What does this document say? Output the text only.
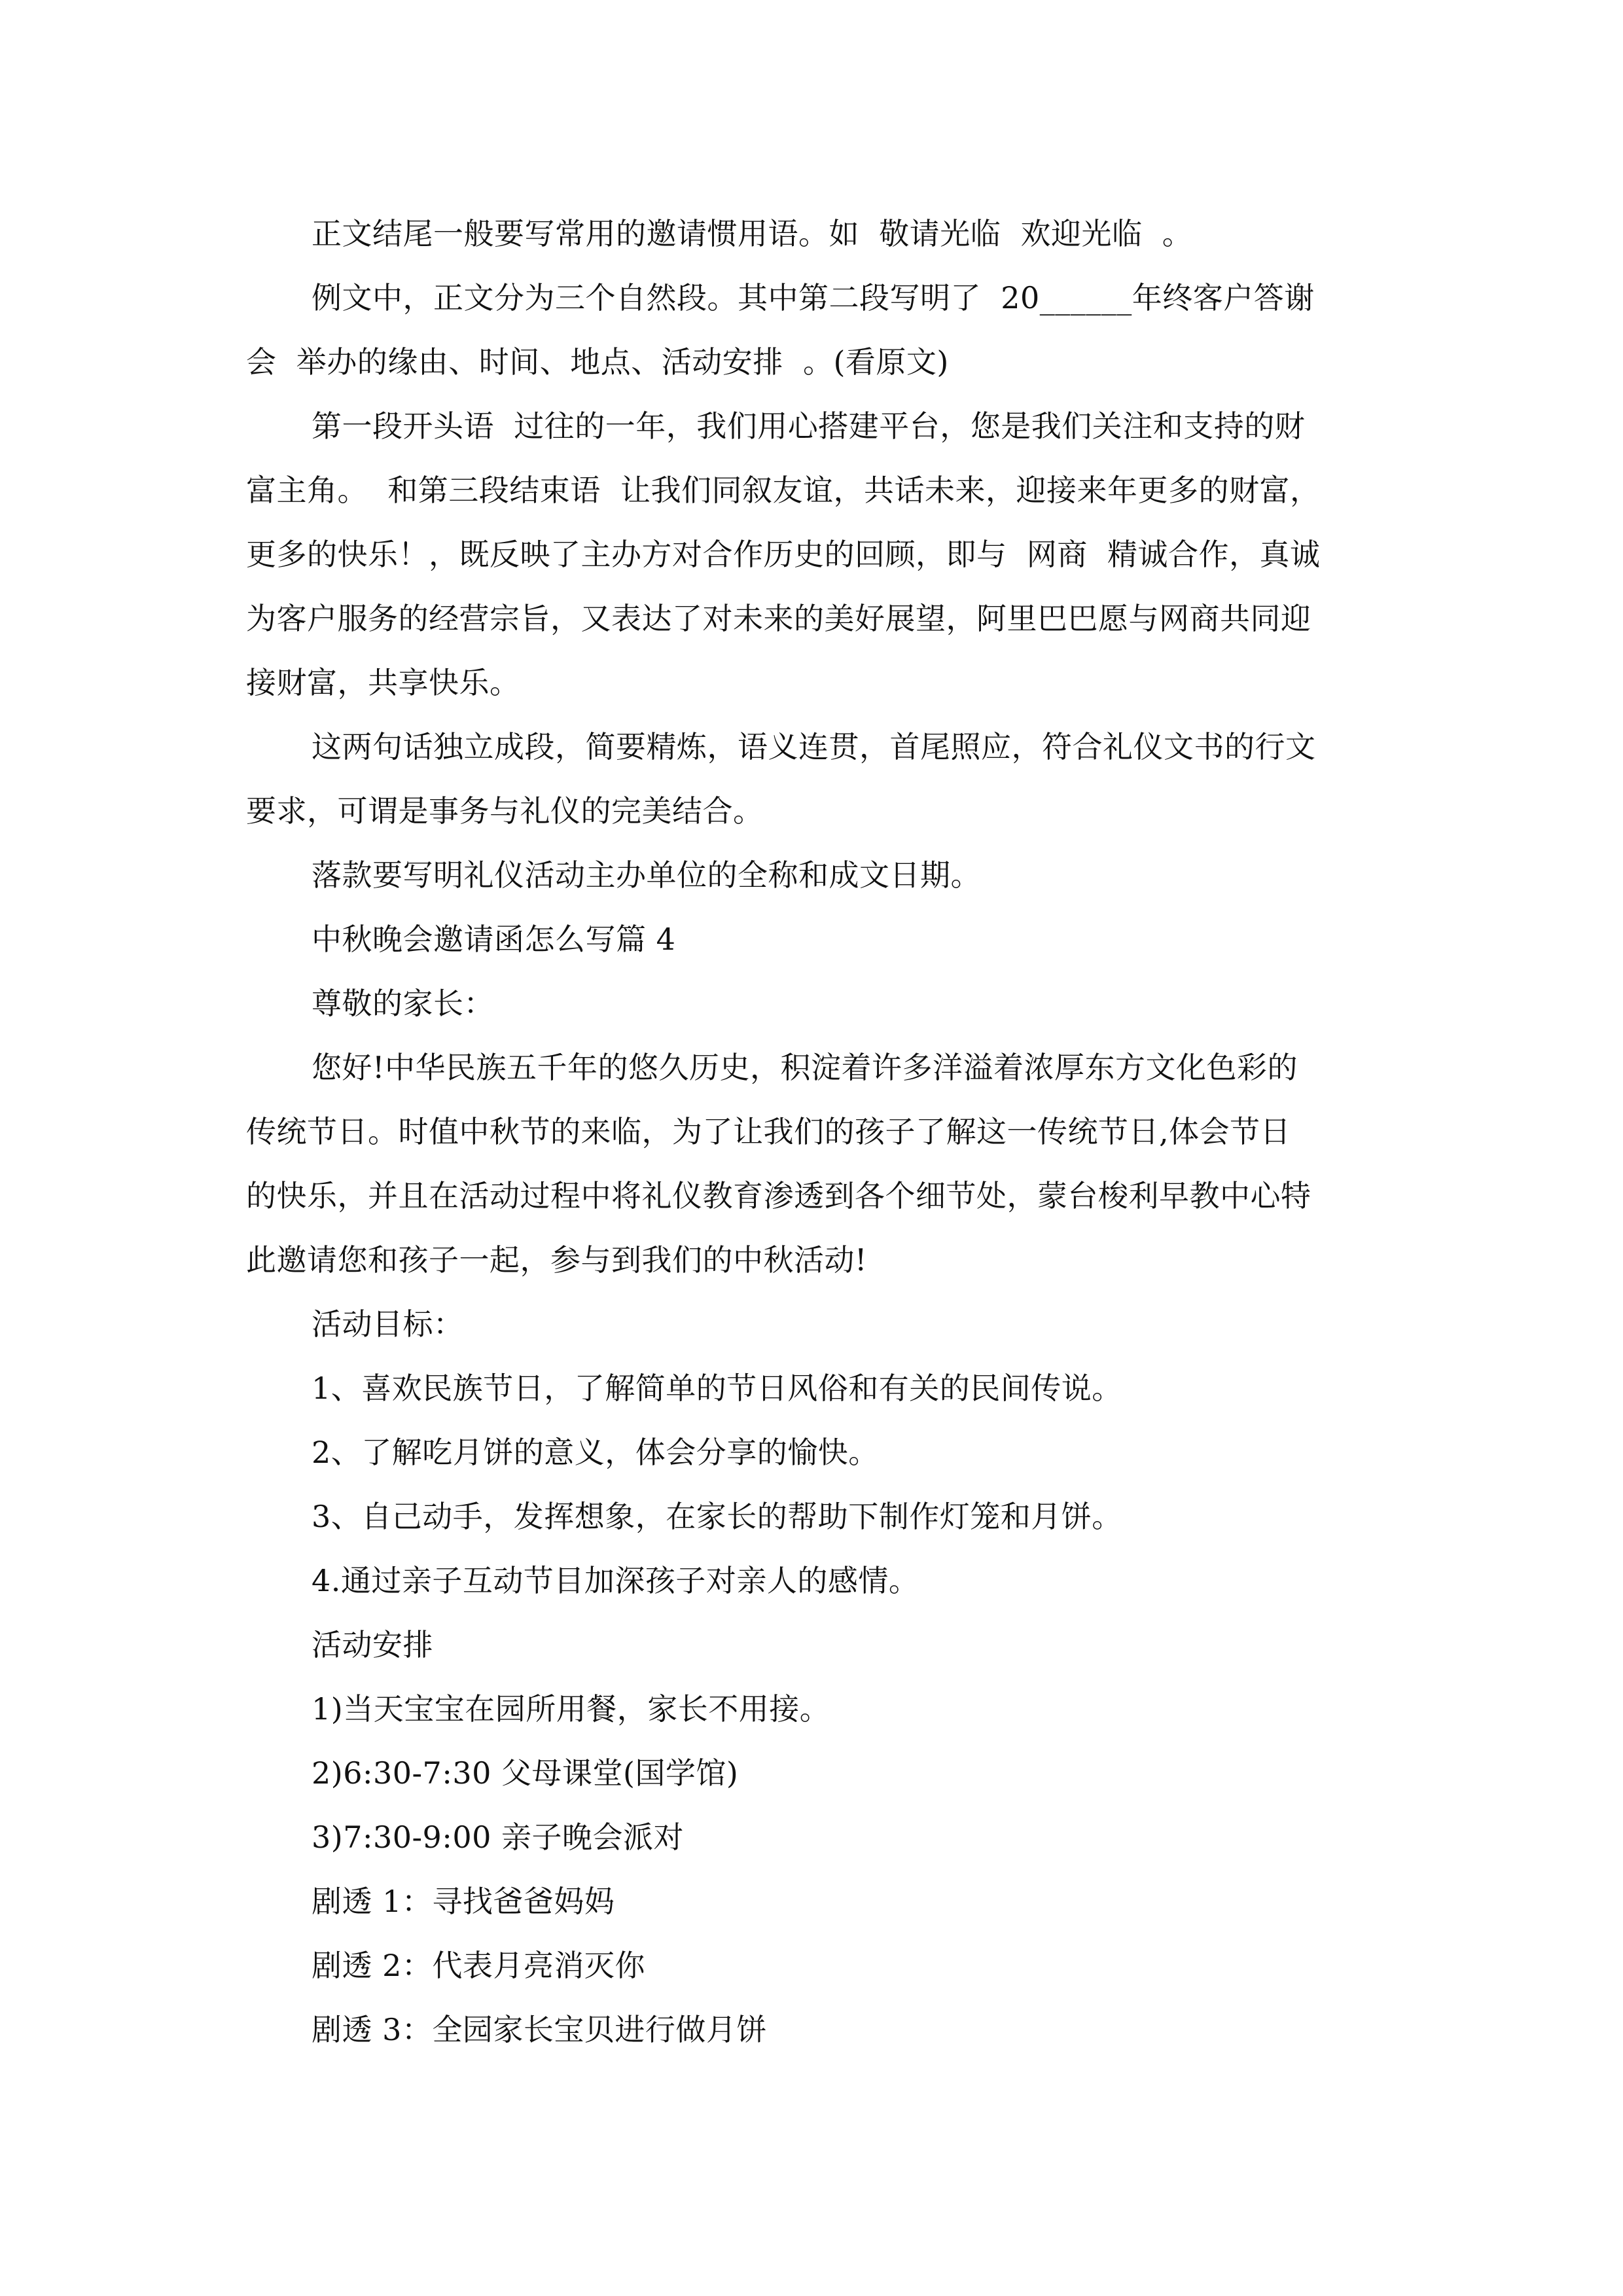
正文结尾一般要写常用的邀请惯用语。如  敬请光临  欢迎光临  。

例文中，正文分为三个自然段。其中第二段写明了  20______年终客户答谢

会  举办的缘由、时间、地点、活动安排  。(看原文)

第一段开头语  过往的一年，我们用心搭建平台，您是我们关注和支持的财

富主角。  和第三段结束语  让我们同叙友谊，共话未来，迎接来年更多的财富，

更多的快乐！，既反映了主办方对合作历史的回顾，即与  网商  精诚合作，真诚

为客户服务的经营宗旨，又表达了对未来的美好展望，阿里巴巴愿与网商共同迎

接财富，共享快乐。

这两句话独立成段，简要精炼，语义连贯，首尾照应，符合礼仪文书的行文

要求，可谓是事务与礼仪的完美结合。

落款要写明礼仪活动主办单位的全称和成文日期。

中秋晚会邀请函怎么写篇 4

尊敬的家长：

您好!中华民族五千年的悠久历史，积淀着许多洋溢着浓厚东方文化色彩的

传统节日。时值中秋节的来临，为了让我们的孩子了解这一传统节日,体会节日

的快乐，并且在活动过程中将礼仪教育渗透到各个细节处，蒙台梭利早教中心特

此邀请您和孩子一起，参与到我们的中秋活动!

活动目标：

1、喜欢民族节日，了解简单的节日风俗和有关的民间传说。

2、了解吃月饼的意义，体会分享的愉快。

3、自己动手，发挥想象，在家长的帮助下制作灯笼和月饼。

4.通过亲子互动节目加深孩子对亲人的感情。

活动安排

1)当天宝宝在园所用餐，家长不用接。

2)6:30-7:30 父母课堂(国学馆)

3)7:30-9:00 亲子晚会派对

剧透 1：寻找爸爸妈妈

剧透 2：代表月亮消灭你

剧透 3：全园家长宝贝进行做月饼
